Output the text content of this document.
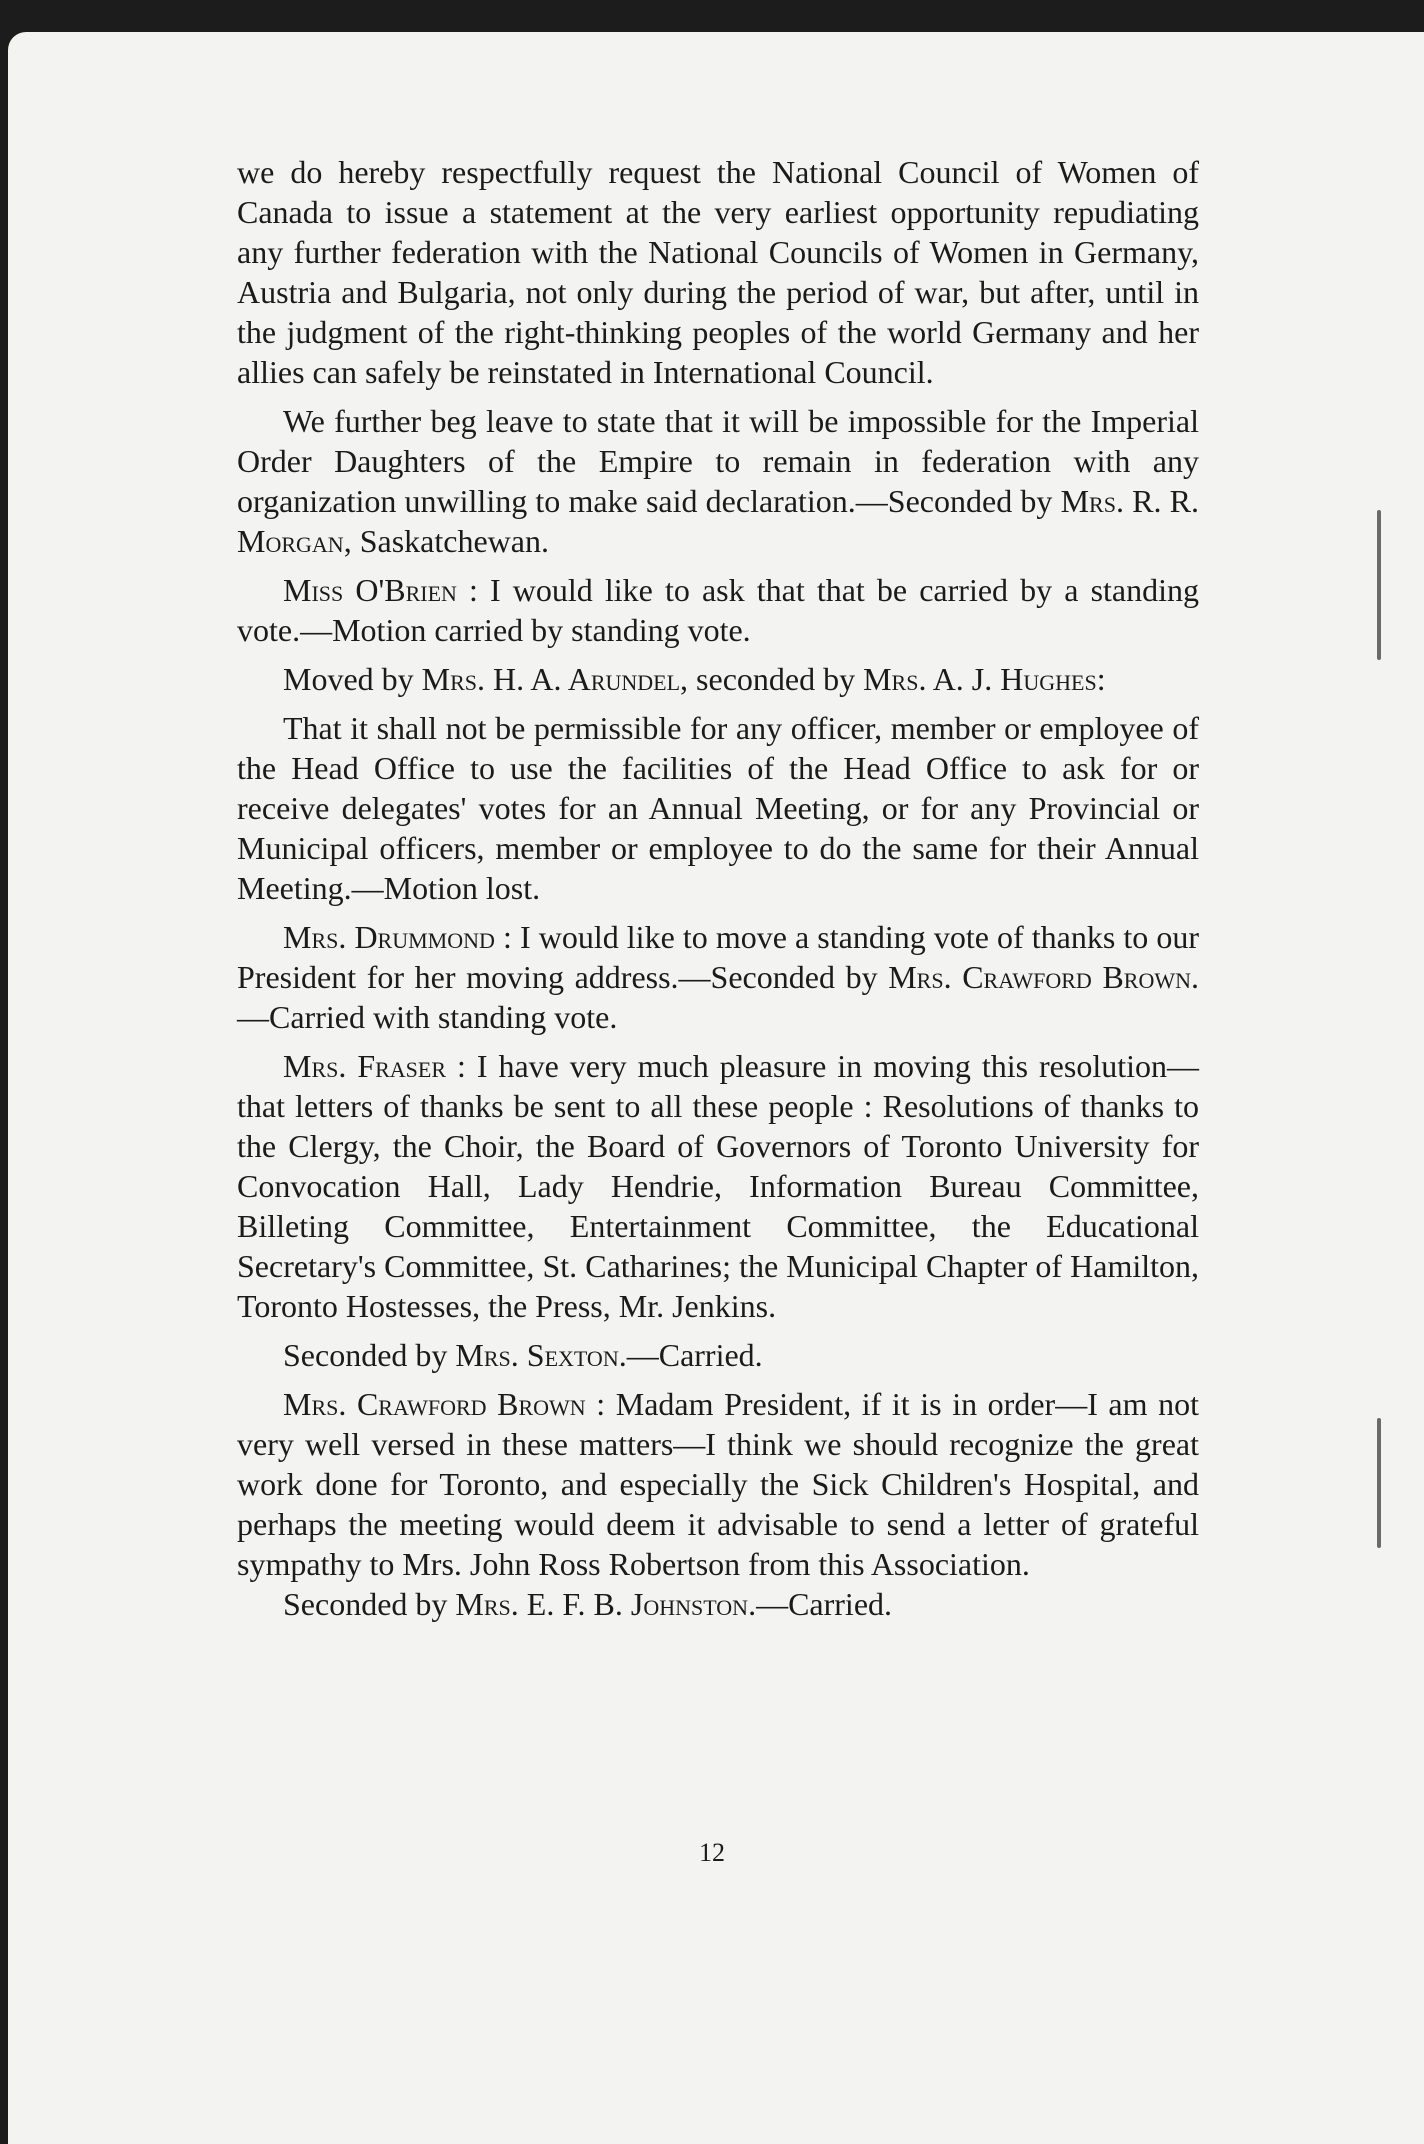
we do hereby respectfully request the National Council of Women of Canada to issue a statement at the very earliest opportunity repudiating any further federation with the National Councils of Women in Germany, Austria and Bulgaria, not only during the period of war, but after, until in the judgment of the right-thinking peoples of the world Germany and her allies can safely be reinstated in International Council.

We further beg leave to state that it will be impossible for the Imperial Order Daughters of the Empire to remain in federation with any organization unwilling to make said declaration.—Seconded by Mrs. R. R. Morgan, Saskatchewan.

Miss O'Brien : I would like to ask that that be carried by a standing vote.—Motion carried by standing vote.

Moved by Mrs. H. A. Arundel, seconded by Mrs. A. J. Hughes:

That it shall not be permissible for any officer, member or employee of the Head Office to use the facilities of the Head Office to ask for or receive delegates' votes for an Annual Meeting, or for any Provincial or Municipal officers, member or employee to do the same for their Annual Meeting.—Motion lost.

Mrs. Drummond : I would like to move a standing vote of thanks to our President for her moving address.—Seconded by Mrs. Crawford Brown.—Carried with standing vote.

Mrs. Fraser : I have very much pleasure in moving this resolution—that letters of thanks be sent to all these people : Resolutions of thanks to the Clergy, the Choir, the Board of Governors of Toronto University for Convocation Hall, Lady Hendrie, Information Bureau Committee, Billeting Committee, Entertainment Committee, the Educational Secretary's Committee, St. Catharines; the Municipal Chapter of Hamilton, Toronto Hostesses, the Press, Mr. Jenkins.

Seconded by Mrs. Sexton.—Carried.

Mrs. Crawford Brown : Madam President, if it is in order—I am not very well versed in these matters—I think we should recognize the great work done for Toronto, and especially the Sick Children's Hospital, and perhaps the meeting would deem it advisable to send a letter of grateful sympathy to Mrs. John Ross Robertson from this Association.

Seconded by Mrs. E. F. B. Johnston.—Carried.

12
